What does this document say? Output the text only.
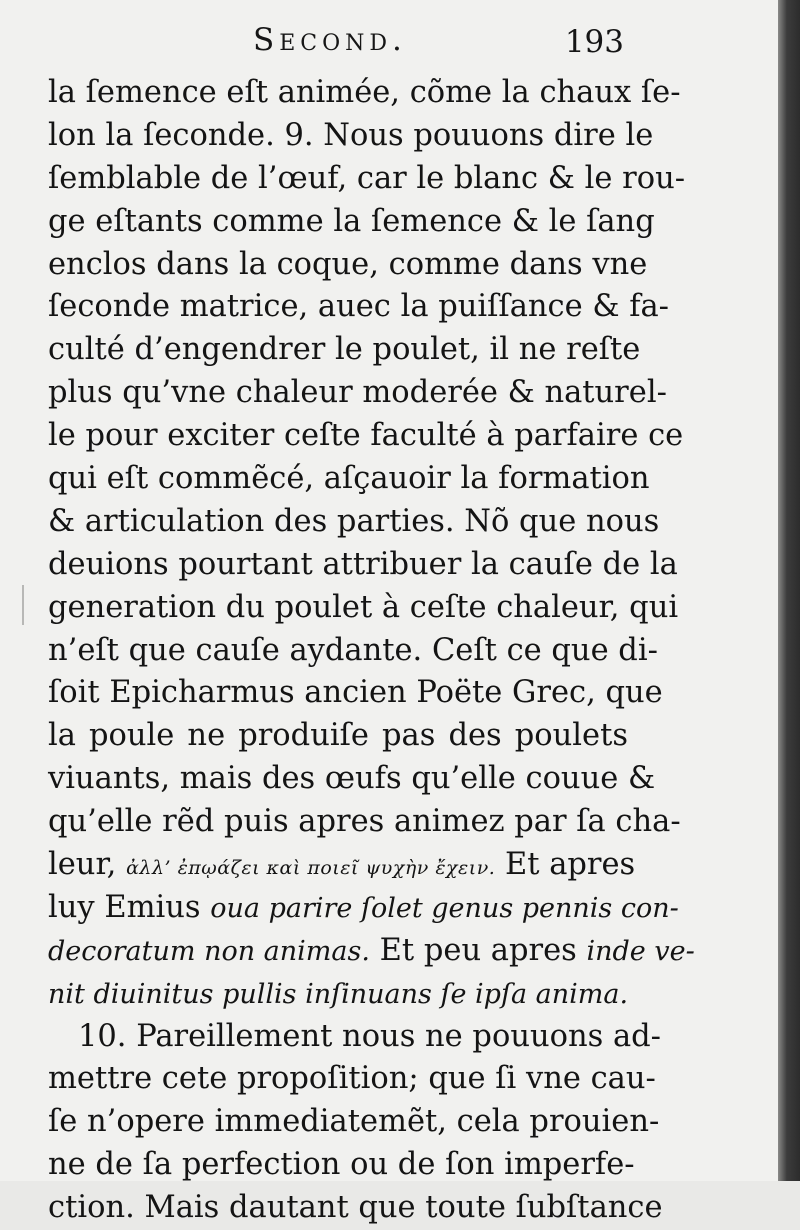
Second.	193
la ſemence eſt animée, cõme la chaux ſe-
lon la ſeconde. 9. Nous pouuons dire le
ſemblable de l’œuf, car le blanc & le rou-
ge eſtants comme la ſemence & le ſang
enclos dans la coque, comme dans vne
ſeconde matrice, auec la puiſſance & fa-
culté d’engendrer le poulet, il ne reſte
plus qu’vne chaleur moderée & naturel-
le pour exciter ceſte faculté à parfaire ce
qui eſt commẽcé, aſçauoir la formation
& articulation des parties. Nõ que nous
deuions pourtant attribuer la cauſe de la
generation du poulet à ceſte chaleur, qui
n’eſt que cauſe aydante. Ceſt ce que di-
ſoit Epicharmus ancien Poëte Grec, que
la poule ne produiſe pas des poulets
viuants, mais des œufs qu’elle couue &
qu’elle rẽd puis apres animez par ſa cha-
leur, ἀλλ’ ἐπῳάζει καὶ ποιεῖ ψυχὴν ἔχειν. Et apres
luy Emius oua parire ſolet genus pennis con-
decoratum non animas. Et peu apres inde ve-
nit diuinitus pullis inſinuans ſe ipſa anima.
10. Pareillement nous ne pouuons ad-
mettre cete propoſition; que ſi vne cau-
ſe n’opere immediatemẽt, cela prouien-
ne de ſa perfection ou de ſon imperfe-
ction. Mais dautant que toute ſubſtance
